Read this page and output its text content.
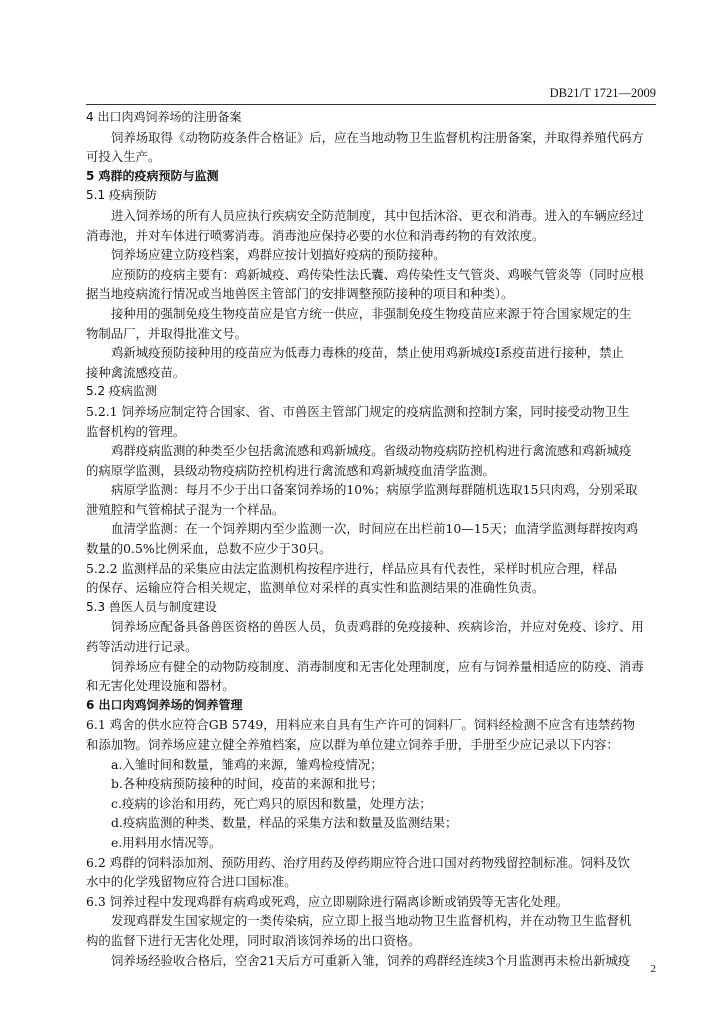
DB21/T 1721—2009
4 出口肉鸡饲养场的注册备案
饲养场取得《动物防疫条件合格证》后，应在当地动物卫生监督机构注册备案，并取得养殖代码方
可投入生产。
5 鸡群的疫病预防与监测
5.1 疫病预防
进入饲养场的所有人员应执行疾病安全防范制度，其中包括沐浴、更衣和消毒。进入的车辆应经过
消毒池，并对车体进行喷雾消毒。消毒池应保持必要的水位和消毒药物的有效浓度。
饲养场应建立防疫档案，鸡群应按计划搞好疫病的预防接种。
应预防的疫病主要有：鸡新城疫、鸡传染性法氏囊、鸡传染性支气管炎、鸡喉气管炎等（同时应根
据当地疫病流行情况或当地兽医主管部门的安排调整预防接种的项目和种类）。
接种用的强制免疫生物疫苗应是官方统一供应，非强制免疫生物疫苗应来源于符合国家规定的生
物制品厂，并取得批准文号。
鸡新城疫预防接种用的疫苗应为低毒力毒株的疫苗，禁止使用鸡新城疫Ⅰ系疫苗进行接种，禁止
接种禽流感疫苗。
5.2 疫病监测
5.2.1 饲养场应制定符合国家、省、市兽医主管部门规定的疫病监测和控制方案，同时接受动物卫生
监督机构的管理。
鸡群疫病监测的种类至少包括禽流感和鸡新城疫。省级动物疫病防控机构进行禽流感和鸡新城疫
的病原学监测，县级动物疫病防控机构进行禽流感和鸡新城疫血清学监测。
病原学监测：每月不少于出口备案饲养场的10%；病原学监测每群随机选取15只肉鸡，分别采取
泄殖腔和气管棉拭子混为一个样品。
血清学监测：在一个饲养期内至少监测一次，时间应在出栏前10—15天；血清学监测每群按肉鸡
数量的0.5%比例采血，总数不应少于30只。
5.2.2 监测样品的采集应由法定监测机构按程序进行，样品应具有代表性，采样时机应合理，样品
的保存、运输应符合相关规定，监测单位对采样的真实性和监测结果的准确性负责。
5.3 兽医人员与制度建设
饲养场应配备具备兽医资格的兽医人员，负责鸡群的免疫接种、疾病诊治，并应对免疫、诊疗、用
药等活动进行记录。
饲养场应有健全的动物防疫制度、消毒制度和无害化处理制度，应有与饲养量相适应的防疫、消毒
和无害化处理设施和器材。
6 出口肉鸡饲养场的饲养管理
6.1 鸡舍的供水应符合GB 5749，用料应来自具有生产许可的饲料厂。饲料经检测不应含有违禁药物
和添加物。饲养场应建立健全养殖档案，应以群为单位建立饲养手册，手册至少应记录以下内容：
a.入雏时间和数量，雏鸡的来源，雏鸡检疫情况；
b.各种疫病预防接种的时间，疫苗的来源和批号；
c.疫病的诊治和用药，死亡鸡只的原因和数量，处理方法；
d.疫病监测的种类、数量，样品的采集方法和数量及监测结果；
e.用料用水情况等。
6.2 鸡群的饲料添加剂、预防用药、治疗用药及停药期应符合进口国对药物残留控制标准。饲料及饮
水中的化学残留物应符合进口国标准。
6.3 饲养过程中发现鸡群有病鸡或死鸡，应立即剔除进行隔离诊断或销毁等无害化处理。
发现鸡群发生国家规定的一类传染病，应立即上报当地动物卫生监督机构，并在动物卫生监督机
构的监督下进行无害化处理，同时取消该饲养场的出口资格。
饲养场经验收合格后，空舍21天后方可重新入雏，饲养的鸡群经连续3个月监测再未检出新城疫
2
